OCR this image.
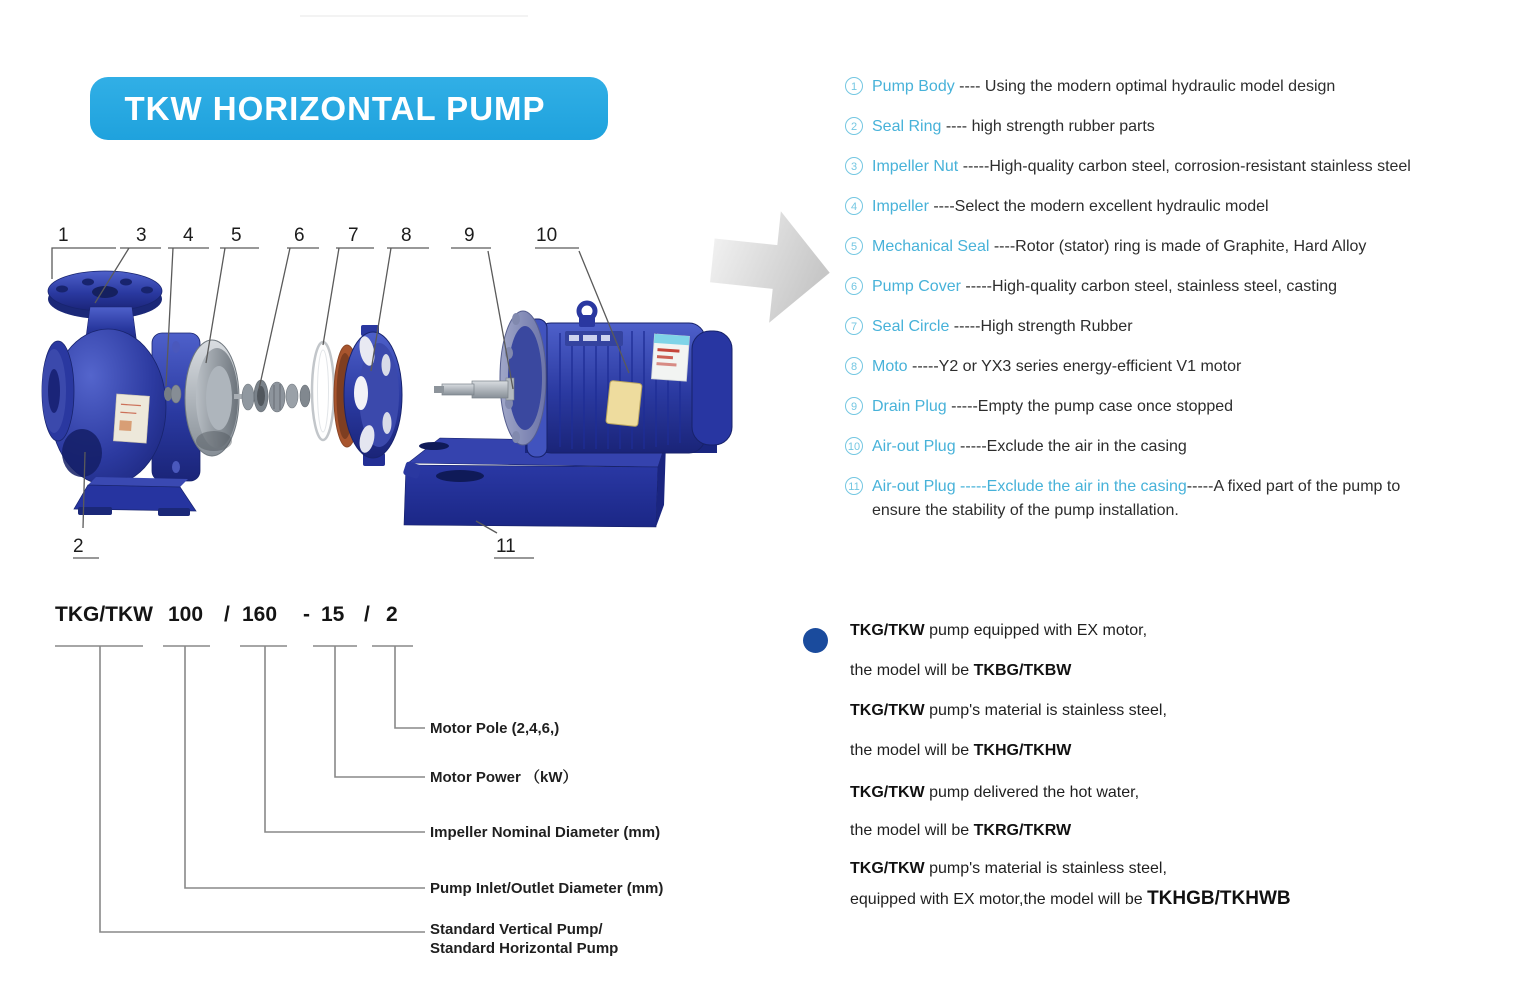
TKW HORIZONTAL PUMP
1	3 4 5	6 7 8	9	10
2	11
1 Pump Body ---- Using the modern optimal hydraulic model design
2 Seal Ring ---- high strength rubber parts
3 Impeller Nut -----High-quality carbon steel, corrosion-resistant stainless steel
4 Impeller ----Select the modern excellent hydraulic model
5 Mechanical Seal ----Rotor (stator) ring is made of Graphite, Hard Alloy
6 Pump Cover -----High-quality carbon steel, stainless steel, casting
7 Seal Circle -----High strength Rubber
8 Moto -----Y2 or YX3 series energy-efficient V1 motor
9 Drain Plug -----Empty the pump case once stopped
10 Air-out Plug -----Exclude the air in the casing
11 Air-out Plug -----Exclude the air in the casing-----A fixed part of the pump to
ensure the stability of the pump installation.
TKG/TKW 100 / 160 - 15 / 2
Motor Pole (2,4,6,)
Motor Power （kW）
Impeller Nominal Diameter (mm)
Pump Inlet/Outlet Diameter (mm)
Standard Vertical Pump/
Standard Horizontal Pump
TKG/TKW pump equipped with EX motor,
the model will be TKBG/TKBW
TKG/TKW pump's material is stainless steel,
the model will be TKHG/TKHW
TKG/TKW pump delivered the hot water,
the model will be TKRG/TKRW
TKG/TKW pump's material is stainless steel,
equipped with EX motor,the model will be TKHGB/TKHWB
